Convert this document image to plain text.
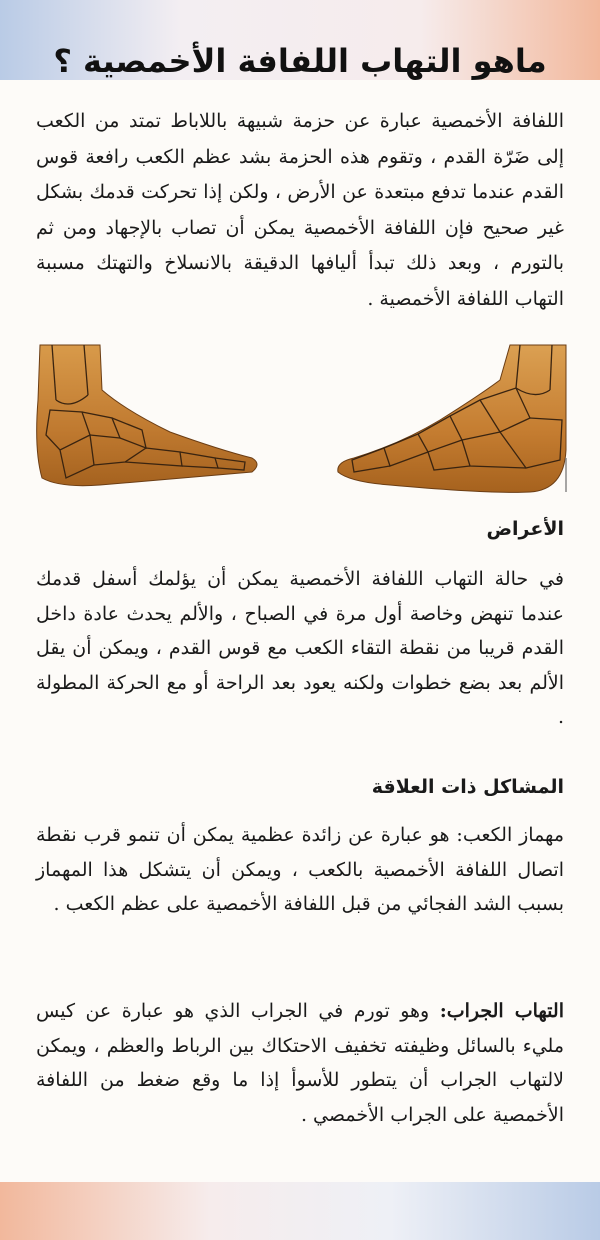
ماهو التهاب اللفافة الأخمصية ؟

اللفافة الأخمصية عبارة عن حزمة شبيهة باللاباط تمتد من الكعب إلى ضَرّة القدم ، وتقوم هذه الحزمة بشد عظم الكعب رافعة قوس القدم عندما تدفع مبتعدة عن الأرض ، ولكن إذا تحركت قدمك بشكل غير صحيح فإن اللفافة الأخمصية يمكن أن تصاب بالإجهاد ومن ثم بالتورم ، وبعد ذلك تبدأ أليافها الدقيقة بالانسلاخ والتهتك مسببة التهاب اللفافة الأخمصية .

الأعراض

في حالة التهاب اللفافة الأخمصية يمكن أن يؤلمك أسفل قدمك عندما تنهض وخاصة أول مرة في الصباح ، والألم يحدث عادة داخل القدم قريبا من نقطة التقاء الكعب مع قوس القدم ، ويمكن أن يقل الألم بعد بضع خطوات ولكنه يعود بعد الراحة أو مع الحركة المطولة .

المشاكل ذات العلاقة

مهماز الكعب: هو عبارة عن زائدة عظمية يمكن أن تنمو قرب نقطة اتصال اللفافة الأخمصية بالكعب ، ويمكن أن يتشكل هذا المهماز بسبب الشد الفجائي من قبل اللفافة الأخمصية على عظم الكعب .

التهاب الجراب: وهو تورم في الجراب الذي هو عبارة عن كيس مليء بالسائل وظيفته تخفيف الاحتكاك بين الرباط والعظم ، ويمكن لالتهاب الجراب أن يتطور للأسوأ إذا ما وقع ضغط من اللفافة الأخمصية على الجراب الأخمصي .
